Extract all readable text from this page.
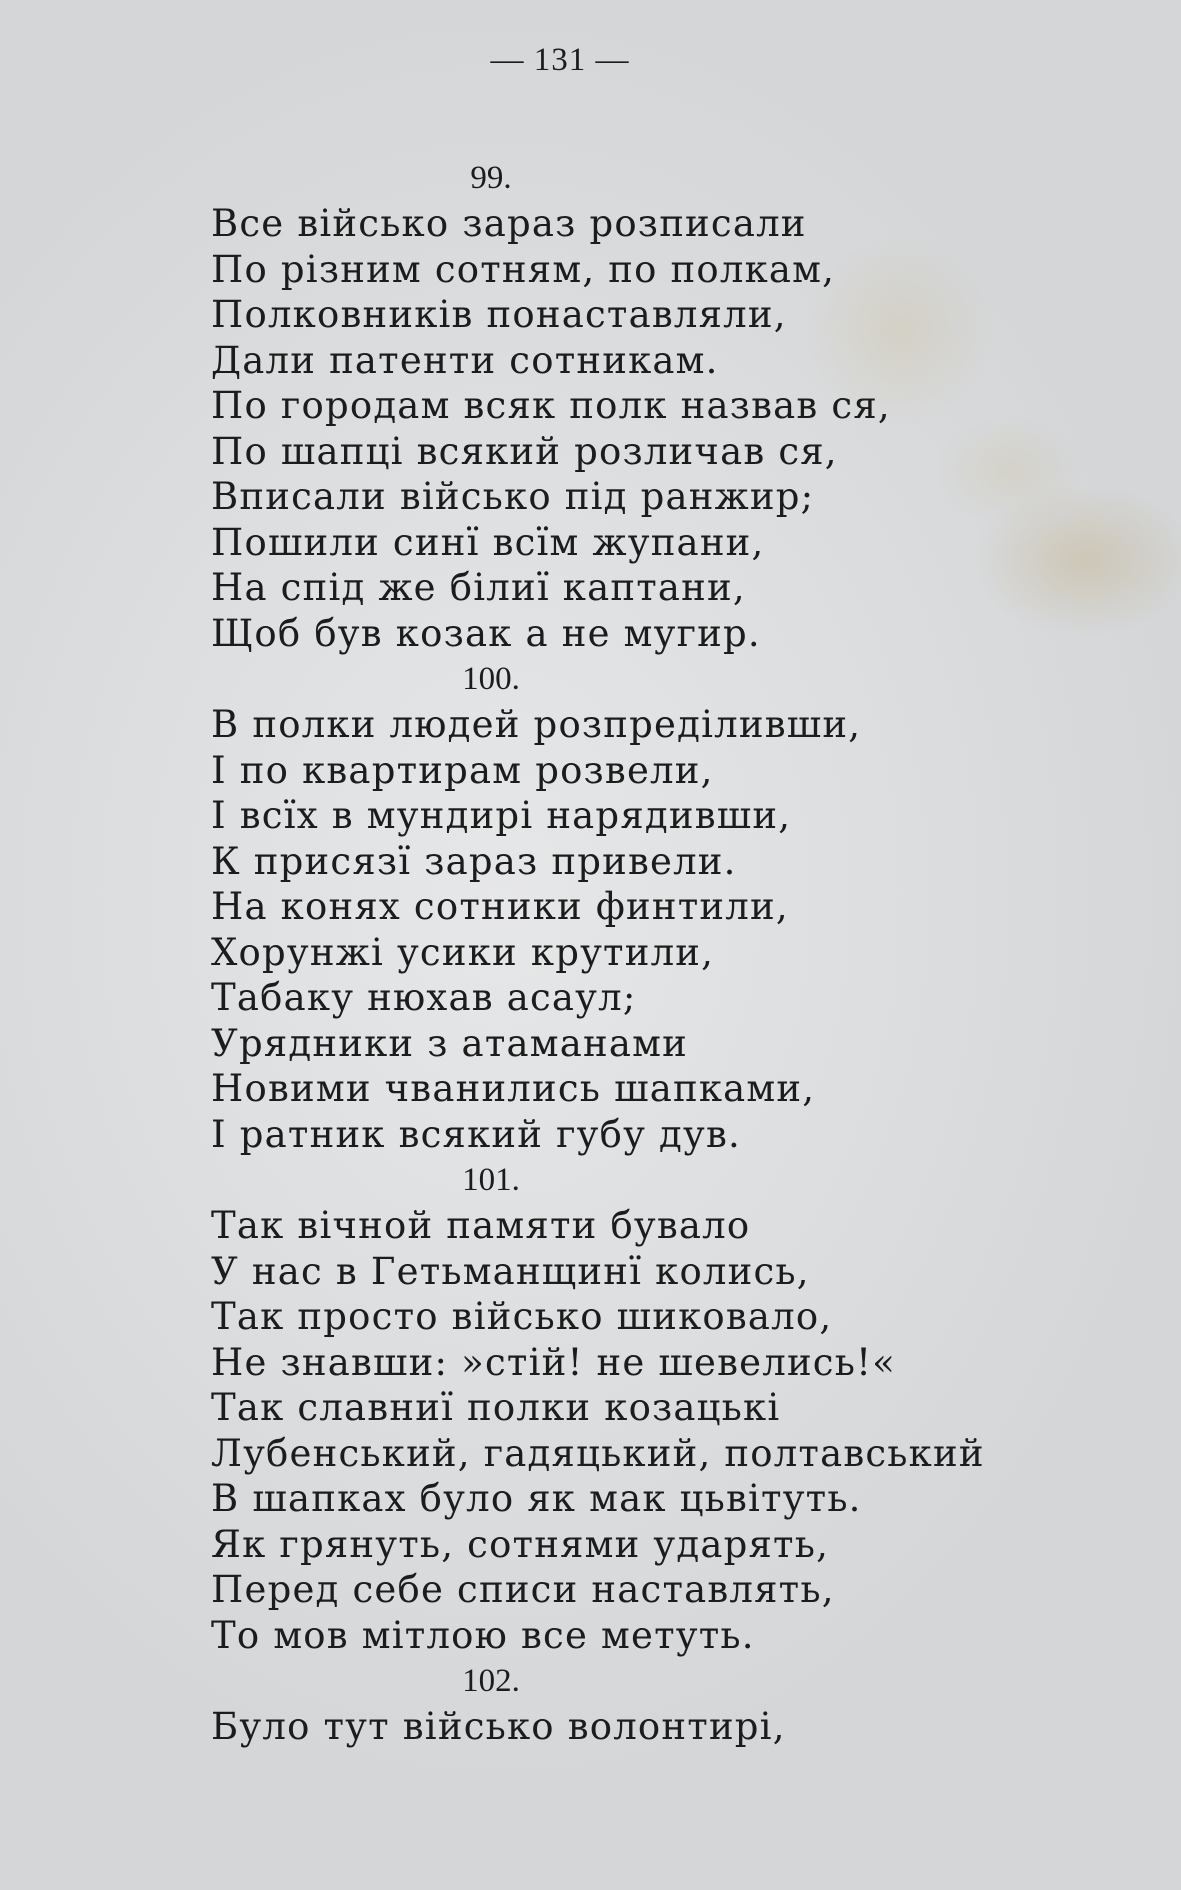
— 131 —
99.
Все військо зараз розписали
По різним сотням, по полкам,
Полковників понаставляли,
Дали патенти сотникам.
По городам всяк полк назвав ся,
По шапці всякий розличав ся,
Вписали військо під ранжир;
Пошили синї всїм жупани,
На спід же білиї каптани,
Щоб був козак а не мугир.
100.
В полки людей розпреділивши,
І по квартирам розвели,
І всїх в мундирі нарядивши,
К присязї зараз привели.
На конях сотники финтили,
Хорунжі усики крутили,
Табаку нюхав асаул;
Урядники з атаманами
Новими чванились шапками,
І ратник всякий губу дув.
101.
Так вічной памяти бувало
У нас в Гетьманщинї колись,
Так просто військо шиковало,
Не знавши: »стій! не шевелись!«
Так славниї полки козацькі
Лубенський, гадяцький, полтавський
В шапках було як мак цьвітуть.
Як грянуть, сотнями ударять,
Перед себе списи наставлять,
То мов мітлою все метуть.
102.
Було тут військо волонтирі,
